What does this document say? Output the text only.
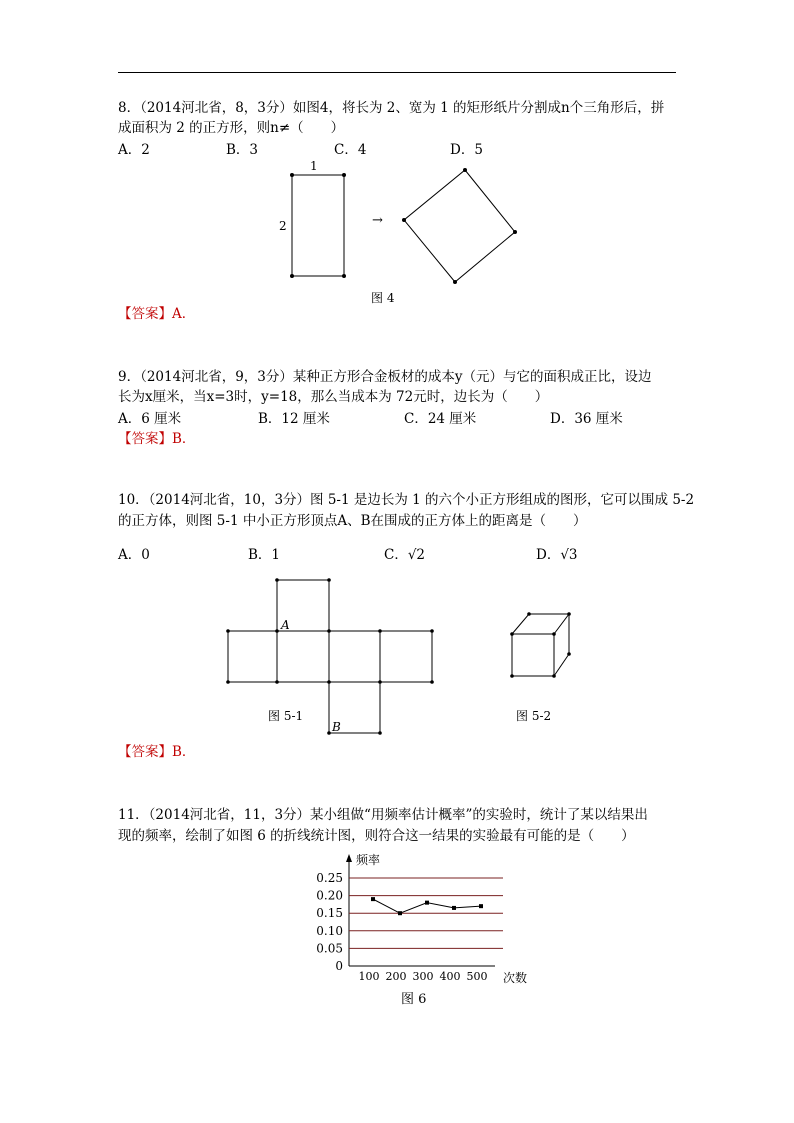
8．（2014河北省，8，3分）如图4，将长为 2、宽为 1 的矩形纸片分割成n个三角形后，拼
成面积为 2 的正方形，则n≠（　　）
A．2	B．3	C．4	D．5
1
2	→
图 4
A
B
图 5-1	图 5-2
0
0.05
0.10
0.15
0.20
0.25
100 200 300 400 500
频率
次数
【答案】A．
9．（2014河北省，9，3分）某种正方形合金板材的成本y（元）与它的面积成正比，设边
长为x厘米，当x=3时，y=18，那么当成本为 72元时，边长为（　　）
A．6 厘米	B．12 厘米	C．24 厘米	D．36 厘米
【答案】B．
10．（2014河北省，10，3分）图 5-1 是边长为 1 的六个小正方形组成的图形，它可以围成 5-2
的正方体，则图 5-1 中小正方形顶点A、B在围成的正方体上的距离是（　　）
A．0	B．1	C．√2	D．√3
【答案】B．
11．（2014河北省，11，3分）某小组做“用频率估计概率”的实验时，统计了某以结果出
现的频率，绘制了如图 6 的折线统计图，则符合这一结果的实验最有可能的是（　　）
图 6
